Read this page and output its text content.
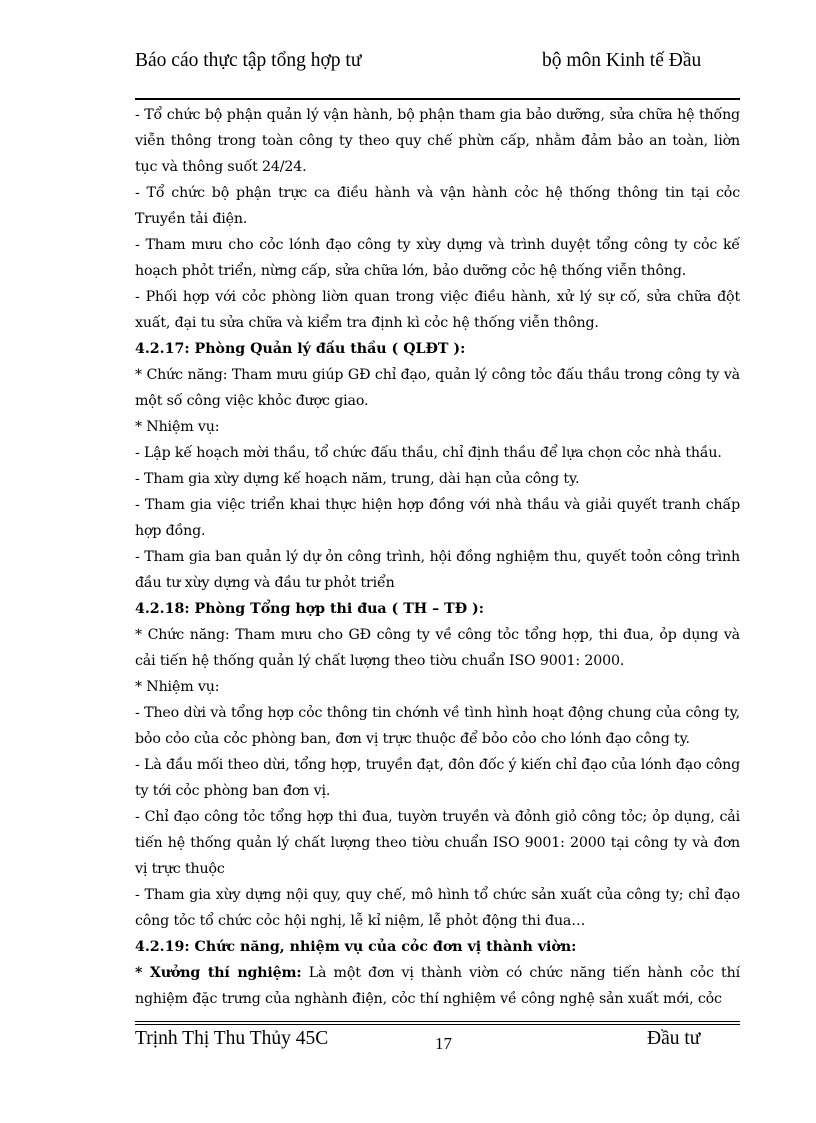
Báo cáo thực tập tổng hợp tư	bộ môn Kinh tế Đầu

- Tổ chức bộ phận quản lý vận hành, bộ phận tham gia bảo dưỡng, sửa chữa hệ thống viễn thông trong toàn công ty theo quy chế phừn cấp, nhằm đảm bảo an toàn, liờn tục và thông suốt 24/24.

- Tổ chức bộ phận trực ca điều hành và vận hành cỏc hệ thống thông tin tại cỏc Truyền tải điện.

- Tham mưu cho cỏc lónh đạo công ty xừy dựng và trình duyệt tổng công ty cỏc kế hoạch phỏt triển, nừng cấp, sửa chữa lớn, bảo dưỡng cỏc hệ thống viễn thông.

- Phối hợp với cỏc phòng liờn quan trong việc điều hành, xử lý sự cố, sửa chữa đột xuất, đại tu sửa chữa và kiểm tra định kì cỏc hệ thống viễn thông.

4.2.17: Phòng Quản lý đấu thầu ( QLĐT ):

* Chức năng: Tham mưu giúp GĐ chỉ đạo, quản lý công tỏc đấu thầu trong công ty và một số công việc khỏc được giao.

* Nhiệm vụ:

- Lập kế hoạch mời thầu, tổ chức đấu thầu, chỉ định thầu để lựa chọn cỏc nhà thầu.

- Tham gia xừy dựng kế hoạch năm, trung, dài hạn của công ty.

- Tham gia việc triển khai thực hiện hợp đồng với nhà thầu và giải quyết tranh chấp hợp đồng.

- Tham gia ban quản lý dự ỏn công trình, hội đồng nghiệm thu, quyết toỏn công trình đầu tư xừy dựng và đầu tư phỏt triển

4.2.18: Phòng Tổng hợp thi đua ( TH – TĐ ):

* Chức năng: Tham mưu cho GĐ công ty về công tỏc tổng hợp, thi đua, ỏp dụng và cải tiến hệ thống quản lý chất lượng theo tiờu chuẩn ISO 9001: 2000.

* Nhiệm vụ:

- Theo dừi và tổng hợp cỏc thông tin chớnh về tình hình hoạt động chung của công ty, bỏo cỏo của cỏc phòng ban, đơn vị trực thuộc để bỏo cỏo cho lónh đạo công ty.

- Là đầu mối theo dừi, tổng hợp, truyền đạt, đôn đốc ý kiến chỉ đạo của lónh đạo công ty tới cỏc phòng ban đơn vị.

- Chỉ đạo công tỏc tổng hợp thi đua, tuyờn truyền và đỏnh giỏ công tỏc; ỏp dụng, cải tiến hệ thống quản lý chất lượng theo tiờu chuẩn ISO 9001: 2000 tại công ty và đơn vị trực thuộc

- Tham gia xừy dựng nội quy, quy chế, mô hình tổ chức sản xuất của công ty; chỉ đạo công tỏc tổ chức cỏc hội nghị, lễ kỉ niệm, lễ phỏt động thi đua…

4.2.19: Chức năng, nhiệm vụ của cỏc đơn vị thành viờn:

* Xưởng thí nghiệm: Là một đơn vị thành viờn có chức năng tiến hành cỏc thí nghiệm đặc trưng của nghành điện, cỏc thí nghiệm về công nghệ sản xuất mới, cỏc

Trịnh Thị Thu Thủy 45C	17	Đầu tư
